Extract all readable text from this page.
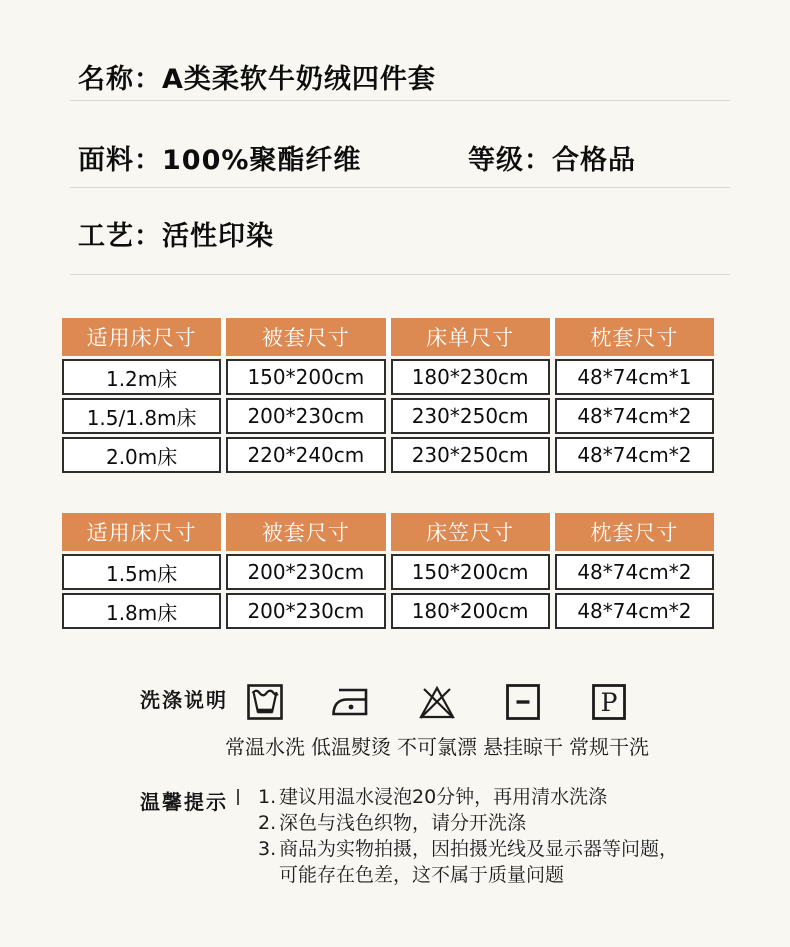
名称：A类柔软牛奶绒四件套
面料：100%聚酯纤维	等级：合格品
工艺：活性印染
适用床尺寸	被套尺寸	床单尺寸	枕套尺寸
1.2m床	150*200cm	180*230cm	48*74cm*1
1.5/1.8m床	200*230cm	230*250cm	48*74cm*2
2.0m床	220*240cm	230*250cm	48*74cm*2
适用床尺寸	被套尺寸	床笠尺寸	枕套尺寸
1.5m床	200*230cm	150*200cm	48*74cm*2
1.8m床	200*230cm	180*200cm	48*74cm*2
洗涤说明
常温水洗 低温熨烫 不可氯漂 悬挂晾干
P
常规干洗
温馨提示 1. 建议用温水浸泡20分钟，再用清水洗涤
2. 深色与浅色织物，请分开洗涤
3. 商品为实物拍摄，因拍摄光线及显示器等问题，可能存在色差，这不属于质量问题
